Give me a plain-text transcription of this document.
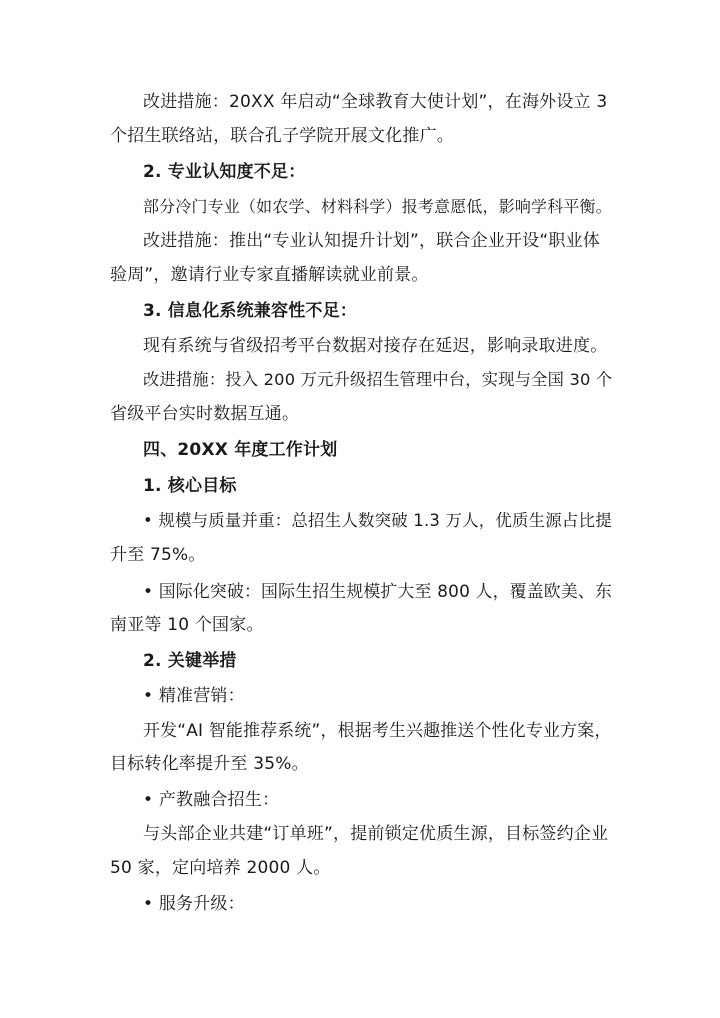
改进措施：20XX 年启动“全球教育大使计划”，在海外设立 3
个招生联络站，联合孔子学院开展文化推广。
2. 专业认知度不足：
部分冷门专业（如农学、材料科学）报考意愿低，影响学科平衡。
改进措施：推出“专业认知提升计划”，联合企业开设“职业体
验周”，邀请行业专家直播解读就业前景。
3. 信息化系统兼容性不足：
现有系统与省级招考平台数据对接存在延迟，影响录取进度。
改进措施：投入 200 万元升级招生管理中台，实现与全国 30 个
省级平台实时数据互通。
四、20XX 年度工作计划
1. 核心目标
• 规模与质量并重：总招生人数突破 1.3 万人，优质生源占比提
升至 75%。
• 国际化突破：国际生招生规模扩大至 800 人，覆盖欧美、东
南亚等 10 个国家。
2. 关键举措
• 精准营销：
开发“AI 智能推荐系统”，根据考生兴趣推送个性化专业方案，
目标转化率提升至 35%。
• 产教融合招生：
与头部企业共建“订单班”，提前锁定优质生源，目标签约企业
50 家，定向培养 2000 人。
• 服务升级：
